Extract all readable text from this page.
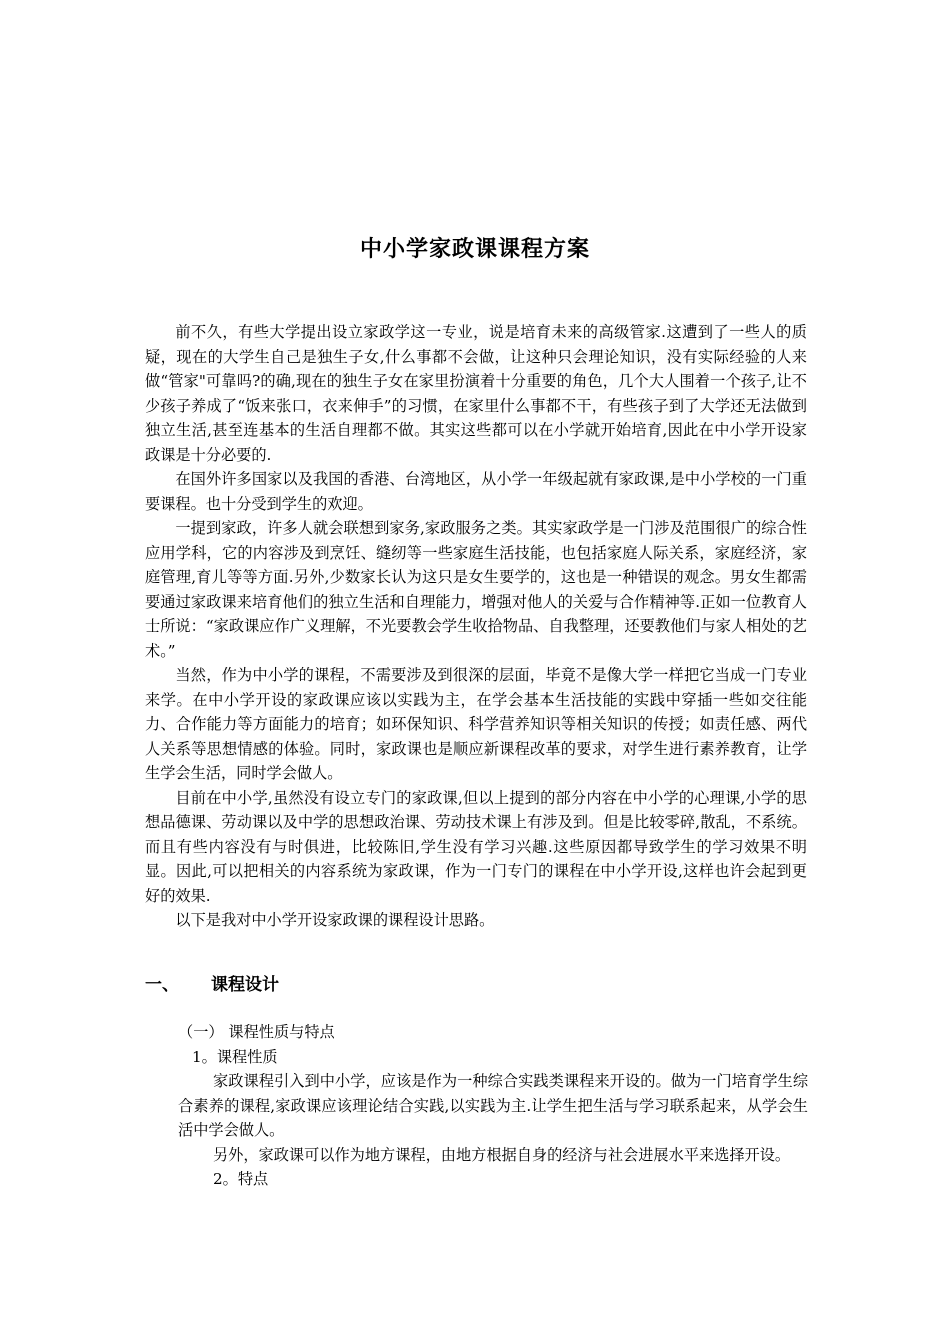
中小学家政课课程方案

前不久，有些大学提出设立家政学这一专业，说是培育未来的高级管家.这遭到了一些人的质疑，现在的大学生自己是独生子女,什么事都不会做，让这种只会理论知识，没有实际经验的人来做“管家"可靠吗?的确,现在的独生子女在家里扮演着十分重要的角色，几个大人围着一个孩子,让不少孩子养成了“饭来张口，衣来伸手”的习惯，在家里什么事都不干，有些孩子到了大学还无法做到独立生活,甚至连基本的生活自理都不做。其实这些都可以在小学就开始培育,因此在中小学开设家政课是十分必要的.

在国外许多国家以及我国的香港、台湾地区，从小学一年级起就有家政课,是中小学校的一门重要课程。也十分受到学生的欢迎。

一提到家政，许多人就会联想到家务,家政服务之类。其实家政学是一门涉及范围很广的综合性应用学科，它的内容涉及到烹饪、缝纫等一些家庭生活技能，也包括家庭人际关系，家庭经济，家庭管理,育儿等等方面.另外,少数家长认为这只是女生要学的，这也是一种错误的观念。男女生都需要通过家政课来培育他们的独立生活和自理能力，增强对他人的关爱与合作精神等.正如一位教育人士所说：“家政课应作广义理解，不光要教会学生收拾物品、自我整理，还要教他们与家人相处的艺术。”

当然，作为中小学的课程，不需要涉及到很深的层面，毕竟不是像大学一样把它当成一门专业来学。在中小学开设的家政课应该以实践为主，在学会基本生活技能的实践中穿插一些如交往能力、合作能力等方面能力的培育；如环保知识、科学营养知识等相关知识的传授；如责任感、两代人关系等思想情感的体验。同时，家政课也是顺应新课程改革的要求，对学生进行素养教育，让学生学会生活，同时学会做人。

目前在中小学,虽然没有设立专门的家政课,但以上提到的部分内容在中小学的心理课,小学的思想品德课、劳动课以及中学的思想政治课、劳动技术课上有涉及到。但是比较零碎,散乱，不系统。而且有些内容没有与时俱进，比较陈旧,学生没有学习兴趣.这些原因都导致学生的学习效果不明显。因此,可以把相关的内容系统为家政课，作为一门专门的课程在中小学开设,这样也许会起到更好的效果.

以下是我对中小学开设家政课的课程设计思路。

一、 课程设计

（一） 课程性质与特点

1。课程性质

家政课程引入到中小学，应该是作为一种综合实践类课程来开设的。做为一门培育学生综合素养的课程,家政课应该理论结合实践,以实践为主.让学生把生活与学习联系起来，从学会生活中学会做人。

另外，家政课可以作为地方课程，由地方根据自身的经济与社会进展水平来选择开设。

2。特点
